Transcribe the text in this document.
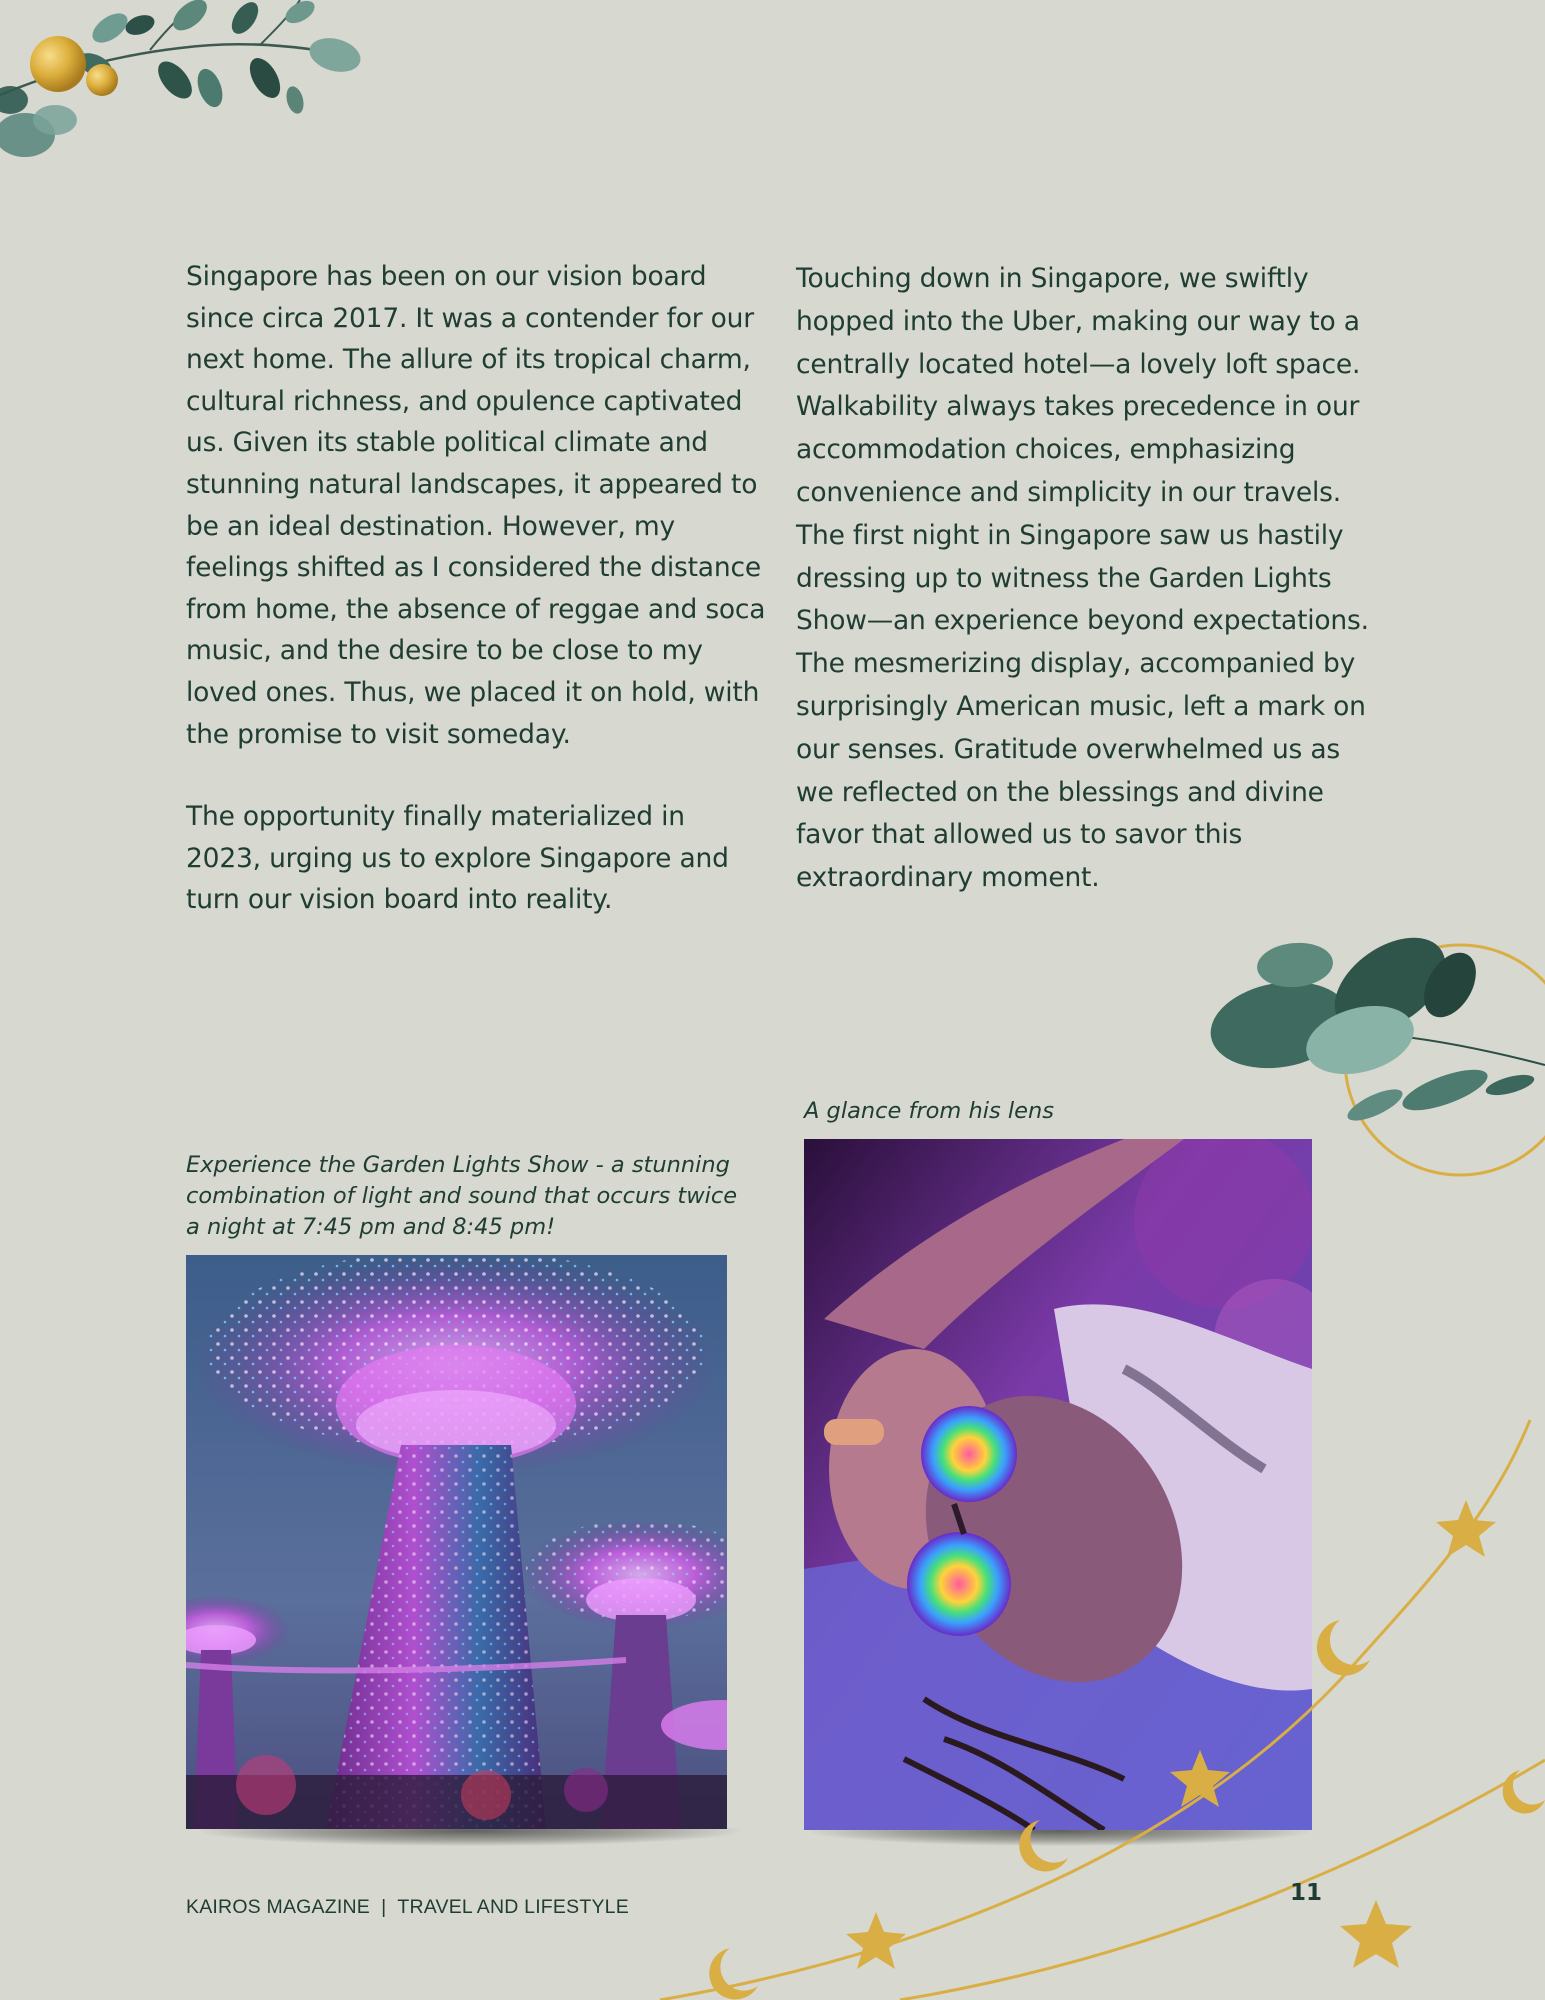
Singapore has been on our vision board since circa 2017. It was a contender for our next home. The allure of its tropical charm, cultural richness, and opulence captivated us. Given its stable political climate and stunning natural landscapes, it appeared to be an ideal destination. However, my feelings shifted as I considered the distance from home, the absence of reggae and soca music, and the desire to be close to my loved ones. Thus, we placed it on hold, with the promise to visit someday.

The opportunity finally materialized in 2023, urging us to explore Singapore and turn our vision board into reality.

Touching down in Singapore, we swiftly hopped into the Uber, making our way to a centrally located hotel—a lovely loft space. Walkability always takes precedence in our accommodation choices, emphasizing convenience and simplicity in our travels. The first night in Singapore saw us hastily dressing up to witness the Garden Lights Show—an experience beyond expectations. The mesmerizing display, accompanied by surprisingly American music, left a mark on our senses. Gratitude overwhelmed us as we reflected on the blessings and divine favor that allowed us to savor this extraordinary moment.

Experience the Garden Lights Show - a stunning combination of light and sound that occurs twice a night at 7:45 pm and 8:45 pm!

A glance from his lens

KAIROS MAGAZINE  |  TRAVEL AND LIFESTYLE
11
